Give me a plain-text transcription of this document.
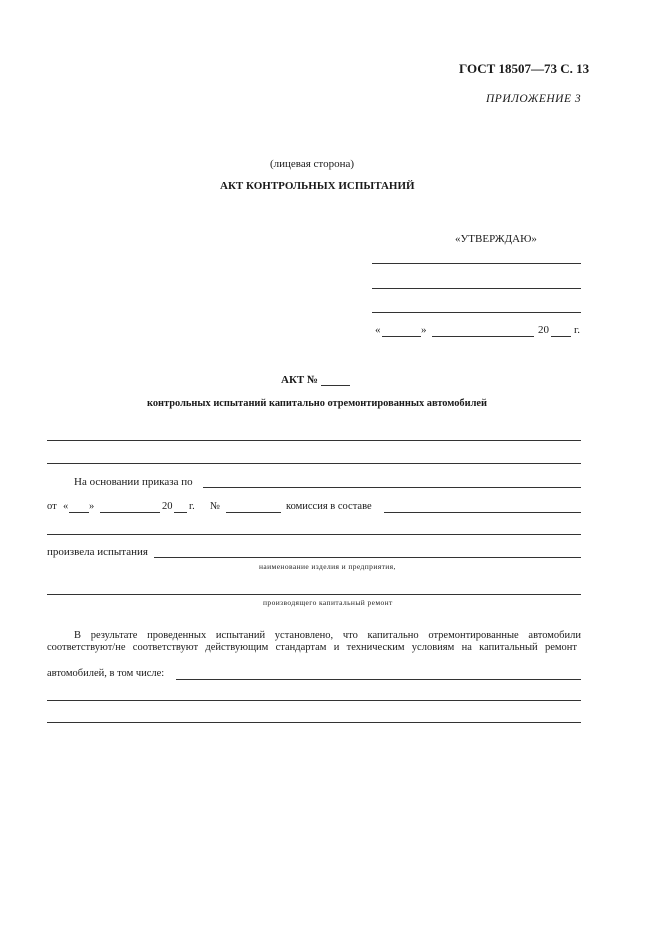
ГОСТ 18507—73 С. 13
ПРИЛОЖЕНИЕ 3
(лицевая сторона)
АКТ КОНТРОЛЬНЫХ ИСПЫТАНИЙ
«УТВЕРЖДАЮ»
«	»	20 г.
АКТ №
контрольных испытаний капитально отремонтированных автомобилей
На основании приказа по
от « »	20 г. №	комиссия в составе
произвела испытания
наименование изделия и предприятия,
производящего капитальный ремонт
В результате проведенных испытаний установлено, что капитально отремонтированные автомобили
соответствуют/не соответствуют действующим стандартам и техническим условиям на капитальный ремонт
автомобилей, в том числе:
